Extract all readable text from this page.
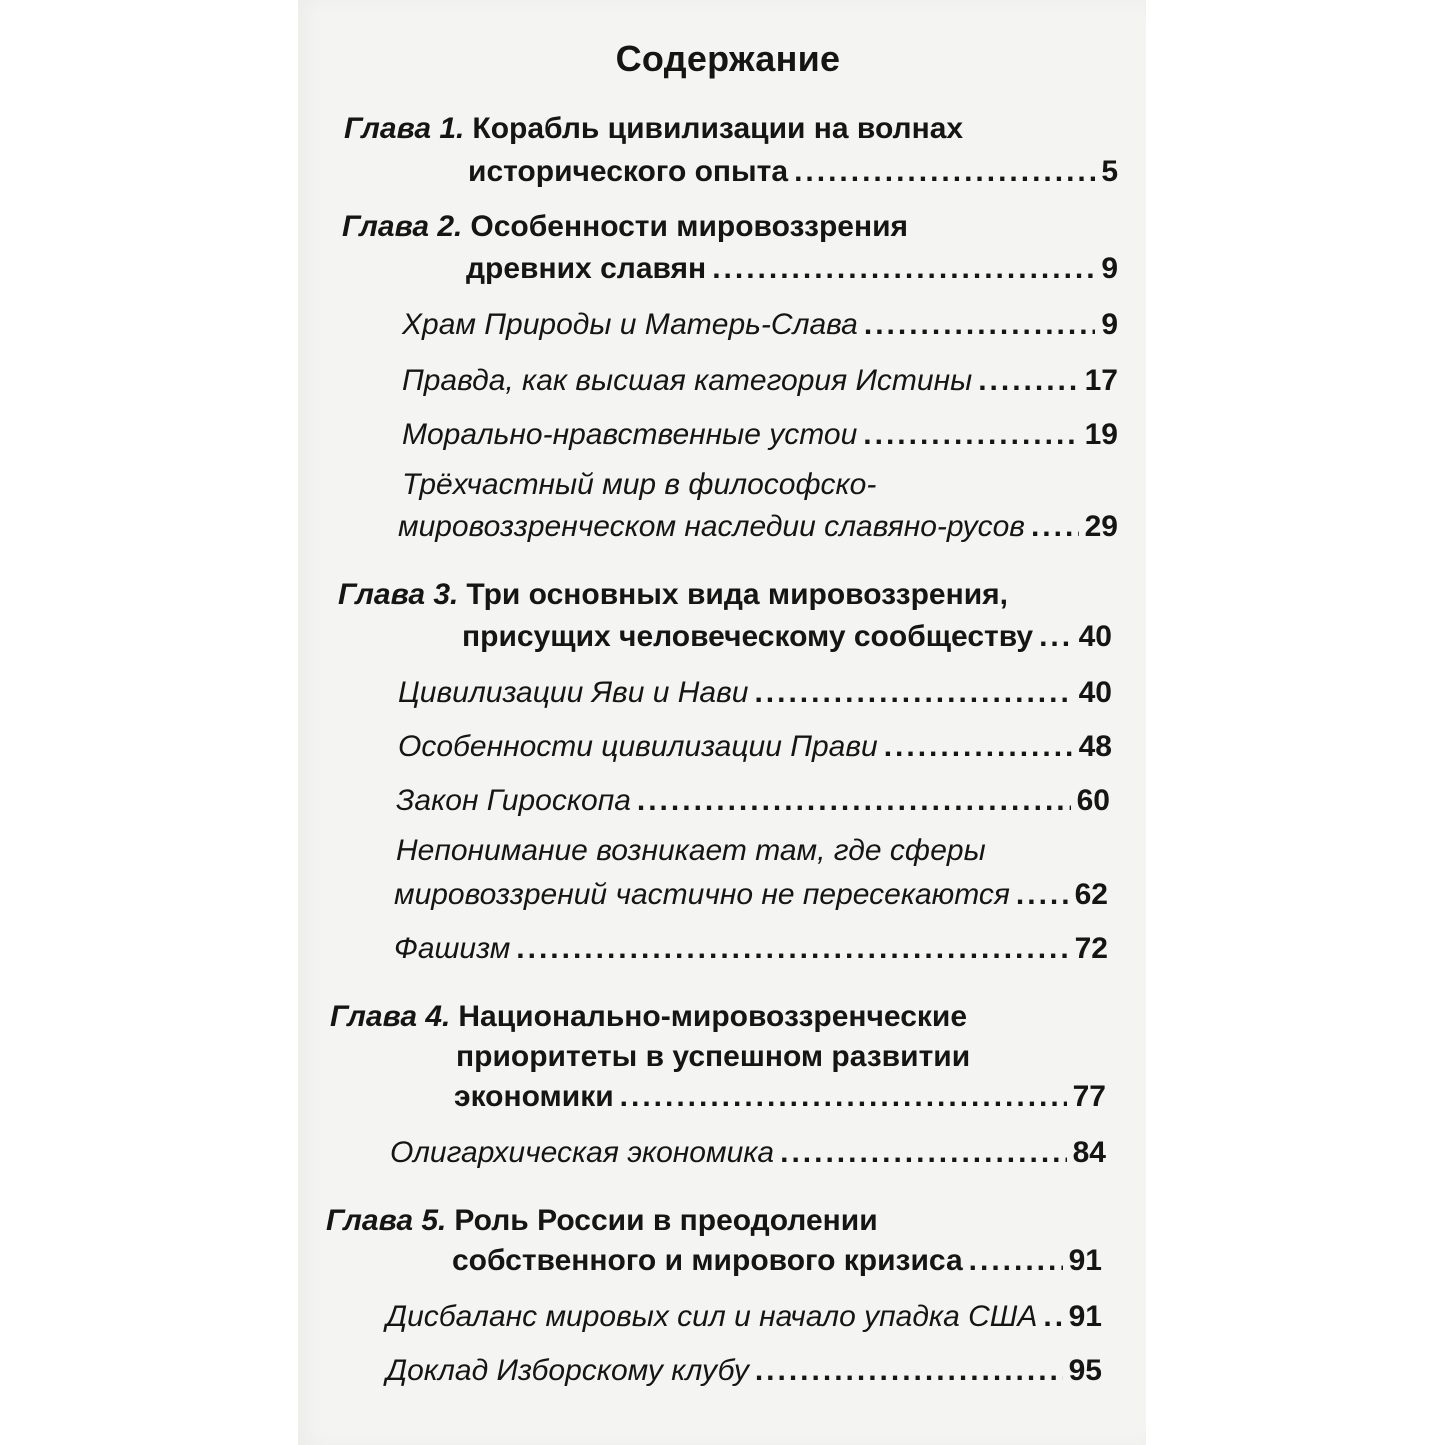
Содержание
Глава 1. Корабль цивилизации на волнах
исторического опыта .....	5
Глава 2. Особенности мировоззрения
древних славян .....	9
Храм Природы и Матерь-Слава .....	9
Правда, как высшая категория Истины .....	17
Морально-нравственные устои .....	19
Трёхчастный мир в философско-
мировоззренческом наследии славяно-русов ..... 29
Глава 3. Три основных вида мировоззрения,
присущих человеческому сообществу ..... 40
Цивилизации Яви и Нави .....	40
Особенности цивилизации Прави .....	48
Закон Гироскопа .....	60
Непонимание возникает там, где сферы
мировоззрений частично не пересекаются ..... 62
Фашизм .....	72
Глава 4. Национально-мировоззренческие
приоритеты в успешном развитии
экономики .....	77
Олигархическая экономика .....	84
Глава 5. Роль России в преодолении
собственного и мирового кризиса .....	91
Дисбаланс мировых сил и начало упадка США ..... 91
Доклад Изборскому клубу .....	95
